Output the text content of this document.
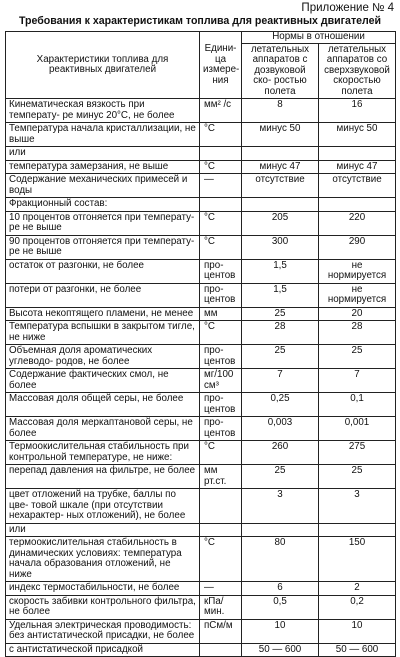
Приложение № 4
Требования к характеристикам топлива для реактивных двигателей
Характеристики топлива для реактивных двигателей	Едини- ца измере- ния	Нормы в отношении	
		летательных аппаратов с дозвуковой ско- ростью полета	летательных аппаратов со сверхзвуковой скоростью полета
Кинематическая вязкость при температу- ре минус 20°C, не более	мм² /с	8	16
Температура начала кристаллизации, не выше	°C	минус 50	минус 50
или			
температура замерзания, не выше	°C	минус 47	минус 47
Содержание механических примесей и воды	—	отсутствие	отсутствие
Фракционный состав:			
10 процентов отгоняется при температу- ре не выше	°C	205	220
90 процентов отгоняется при температу- ре не выше	°C	300	290
остаток от разгонки, не более	про- центов	1,5	не нормируется
потери от разгонки, не более	про- центов	1,5	не нормируется
Высота некоптящего пламени, не менее	мм	25	20
Температура вспышки в закрытом тигле, не ниже	°C	28	28
Объемная доля ароматических углеводо- родов, не более	про- центов	25	25
Содержание фактических смол, не более	мг/100 см³	7	7
Массовая доля общей серы, не более	про- центов	0,25	0,1
Массовая доля меркаптановой серы, не более	про- центов	0,003	0,001
Термоокислительная стабильность при контрольной температуре, не ниже:	°C	260	275
перепад давления на фильтре, не более	мм рт.ст.	25	25
цвет отложений на трубке, баллы по цве- товой шкале (при отсутствии нехарактер- ных отложений), не более		3	3
или			
термоокислительная стабильность в динамических условиях: температура начала образования отложений, не ниже	°C	80	150
индекс термостабильности, не более	—	6	2
скорость забивки контрольного фильтра, не более	кПа/ мин.	0,5	0,2
Удельная электрическая проводимость: без антистатической присадки, не более	пСм/м	10	10
с антистатической присадкой		50 — 600	50 — 600
